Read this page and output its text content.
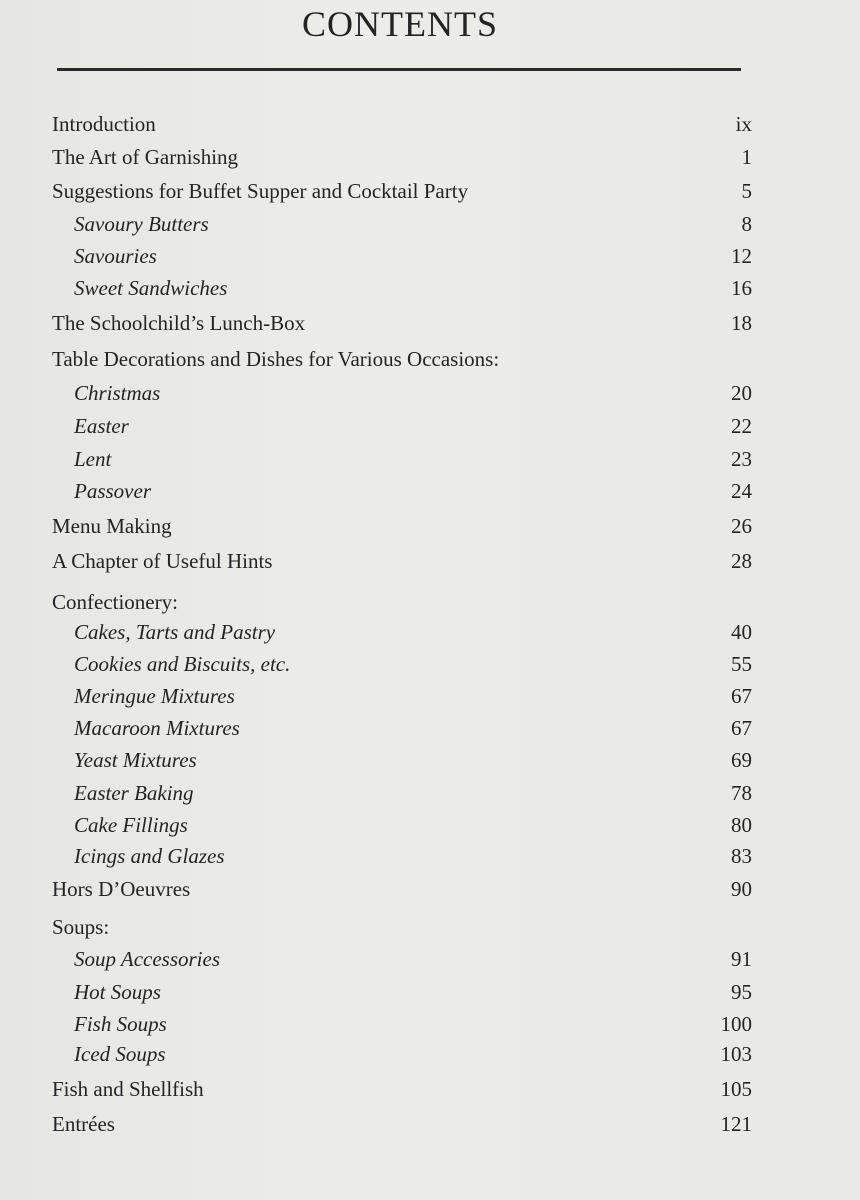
CONTENTS
Introduction	ix
The Art of Garnishing	1
Suggestions for Buffet Supper and Cocktail Party	5
Savoury Butters	8
Savouries	12
Sweet Sandwiches	16
The Schoolchild’s Lunch-Box	18
Table Decorations and Dishes for Various Occasions:
Christmas	20
Easter	22
Lent	23
Passover	24
Menu Making	26
A Chapter of Useful Hints	28
Confectionery:
Cakes, Tarts and Pastry	40
Cookies and Biscuits, etc.	55
Meringue Mixtures	67
Macaroon Mixtures	67
Yeast Mixtures	69
Easter Baking	78
Cake Fillings	80
Icings and Glazes	83
Hors D’Oeuvres	90
Soups:
Soup Accessories	91
Hot Soups	95
Fish Soups	100
Iced Soups	103
Fish and Shellfish	105
Entrées	121
